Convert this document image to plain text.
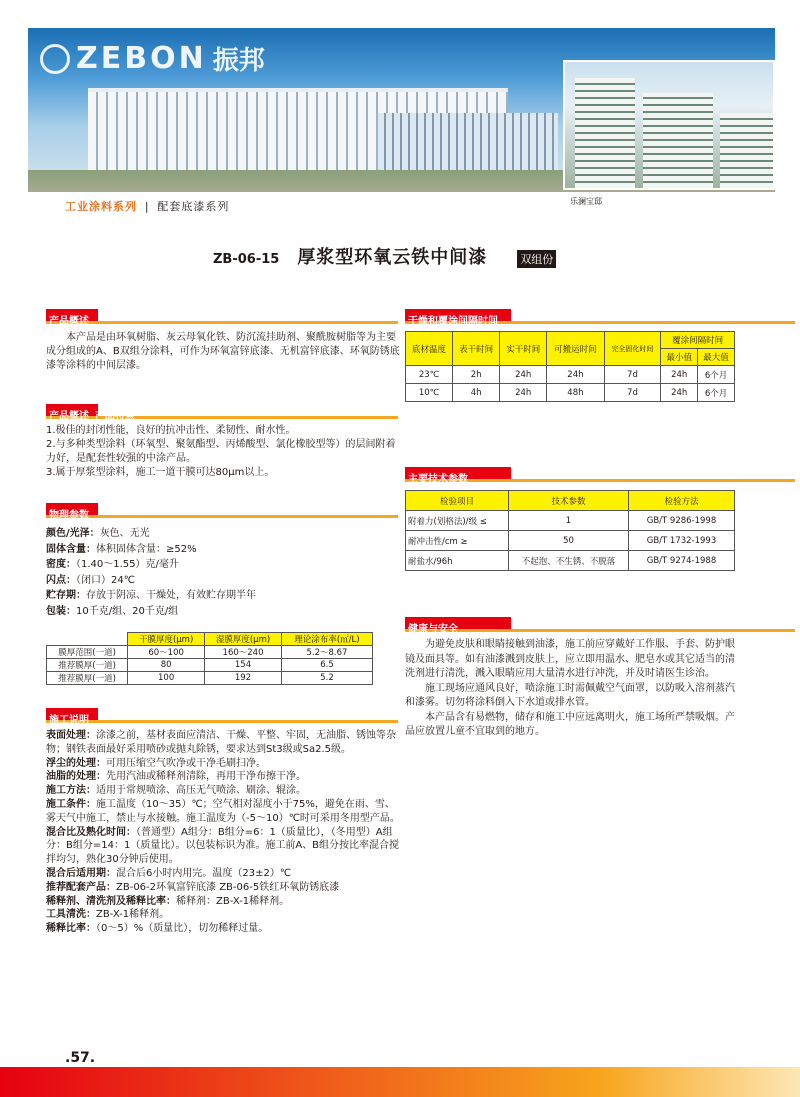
ZEBON 振邦
乐澜宝邸
工业涂料系列 | 配套底漆系列
ZB-06-15 厚浆型环氧云铁中间漆	双组份
产品概述

本产品是由环氧树脂、灰云母氧化铁、防沉流挂助剂、聚酰胺树脂等为主要成分组成的A、B双组分涂料，可作为环氧富锌底漆、无机富锌底漆、环氧防锈底漆等涂料的中间层漆。

产品概述 产品特点

1.极佳的封闭性能，良好的抗冲击性、柔韧性、耐水性。

2.与多种类型涂料（环氧型、聚氨酯型、丙烯酸型、氯化橡胶型等）的层间附着力好，是配套性较强的中涂产品。

3.属于厚浆型涂料，施工一道干膜可达80μm以上。

物理参数

颜色/光泽：灰色、无光

固体含量：体积固体含量：≥52%

密度：（1.40～1.55）克/毫升

闪点：（闭口）24℃

贮存期：存放于阴凉、干燥处，有效贮存期半年

包装：10千克/组、20千克/组

	干膜厚度(μm)	湿膜厚度(μm)	理论涂布率(㎡/L)
膜厚范围(一道)	60～100	160～240	5.2～8.67
推荐膜厚(一道)	80	154	6.5
推荐膜厚(一道)	100	192	5.2
施工说明

表面处理：涂漆之前，基材表面应清洁、干燥、平整、牢固，无油脂、锈蚀等杂物；钢铁表面最好采用喷砂或抛丸除锈，要求达到St3级或Sa2.5级。

浮尘的处理：可用压缩空气吹净或干净毛刷扫净。

油脂的处理：先用汽油或稀释剂清除，再用干净布擦干净。

施工方法：适用于常规喷涂、高压无气喷涂、刷涂、辊涂。

施工条件：施工温度（10～35）℃；空气相对湿度小于75%，避免在雨、雪、雾天气中施工，禁止与水接触。施工温度为（-5～10）℃时可采用冬用型产品。

混合比及熟化时间：（普通型）A组分：B组分=6：1（质量比），（冬用型）A组分：B组分=14：1（质量比）。以包装标识为准。施工前A、B组分按比率混合搅拌均匀，熟化30分钟后使用。

混合后适用期：混合后6小时内用完。温度（23±2）℃

推荐配套产品：ZB-06-2环氧富锌底漆 ZB-06-5铁红环氧防锈底漆

稀释剂、清洗剂及稀释比率：稀释剂：ZB-X-1稀释剂。

工具清洗：ZB-X-1稀释剂。

稀释比率：（0～5）%（质量比），切勿稀释过量。

干燥和覆涂间隔时间
底材温度	表干时间	实干时间	可搬运时间	完全固化时间	覆涂间隔时间	
					最小值	最大值
23℃	2h	24h	24h	7d	24h	6个月
10℃	4h	24h	48h	7d	24h	6个月
主要技术参数
检验项目	技术参数	检验方法
附着力(划格法)/级 ≤	1	GB/T 9286-1998
耐冲击性/cm ≥	50	GB/T 1732-1993
耐盐水/96h	不起泡、不生锈、不脱落	GB/T 9274-1988
健康与安全

为避免皮肤和眼睛接触到油漆，施工前应穿戴好工作服、手套、防护眼镜及面具等。如有油漆溅到皮肤上，应立即用温水、肥皂水或其它适当的清洗剂进行清洗，溅入眼睛应用大量清水进行冲洗，并及时请医生诊治。

施工现场应通风良好，喷涂施工时需佩戴空气面罩，以防吸入溶剂蒸汽和漆雾。切勿将涂料倒入下水道或排水管。

本产品含有易燃物，储存和施工中应远离明火，施工场所严禁吸烟。产品应放置儿童不宜取到的地方。

.57.
